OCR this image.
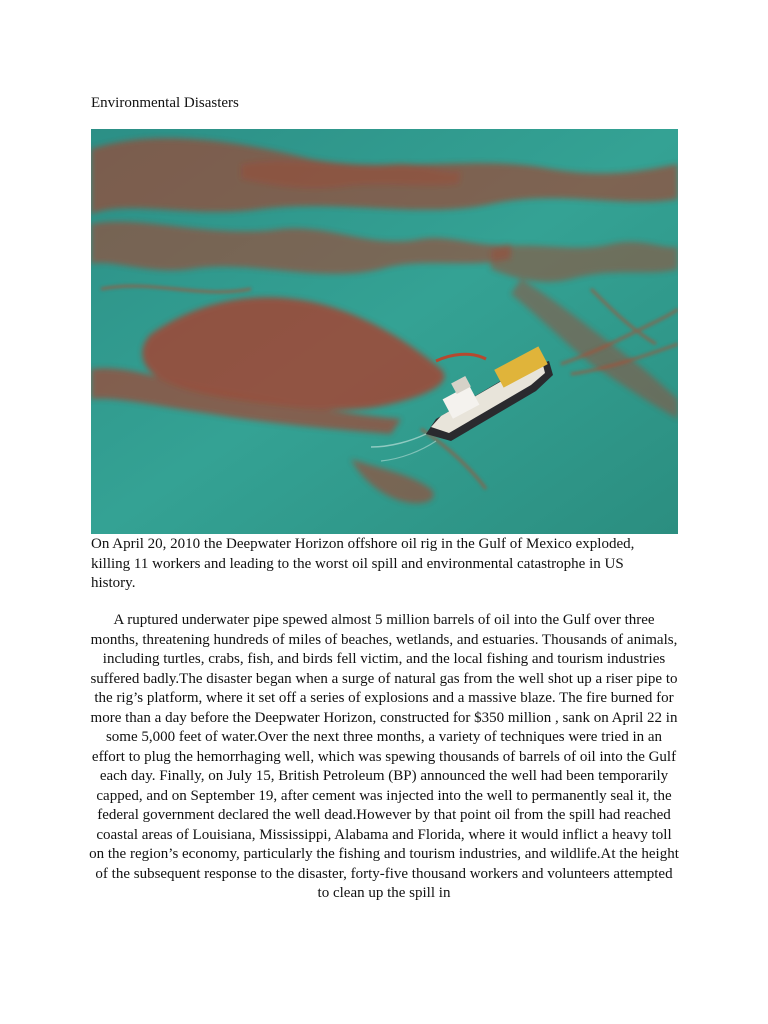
Environmental Disasters
On April 20, 2010 the Deepwater Horizon offshore oil rig in the Gulf of Mexico exploded, killing 11 workers and leading to the worst oil spill and environmental catastrophe in US history.
A ruptured underwater pipe spewed almost 5 million barrels of oil into the Gulf over three months, threatening hundreds of miles of beaches, wetlands, and estuaries. Thousands of animals, including turtles, crabs, fish, and birds fell victim, and the local fishing and tourism industries suffered badly.The disaster began when a surge of natural gas from the well shot up a riser pipe to the rig’s platform, where it set off a series of explosions and a massive blaze. The fire burned for more than a day before the Deepwater Horizon, constructed for $350 million , sank on April 22 in some 5,000 feet of water.Over the next three months, a variety of techniques were tried in an effort to plug the hemorrhaging well, which was spewing thousands of barrels of oil into the Gulf each day. Finally, on July 15, British Petroleum (BP) announced the well had been temporarily capped, and on September 19, after cement was injected into the well to permanently seal it, the federal government declared the well dead.However by that point oil from the spill had reached coastal areas of Louisiana, Mississippi, Alabama and Florida, where it would inflict a heavy toll on the region’s economy, particularly the fishing and tourism industries, and wildlife.At the height of the subsequent response to the disaster, forty-five thousand workers and volunteers attempted to clean up the spill in
